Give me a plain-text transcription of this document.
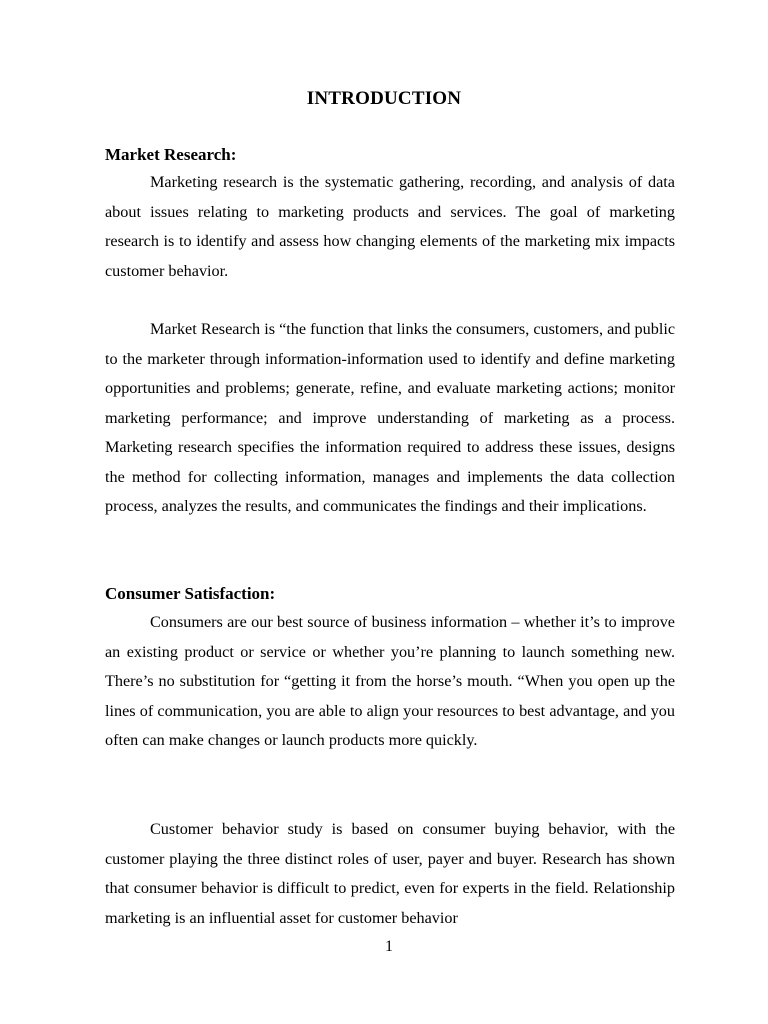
INTRODUCTION
Market Research:

Marketing research is the systematic gathering, recording, and analysis of data about issues relating to marketing products and services. The goal of marketing research is to identify and assess how changing elements of the marketing mix impacts customer behavior.

Market Research is “the function that links the consumers, customers, and public to the marketer through information-information used to identify and define marketing opportunities and problems; generate, refine, and evaluate marketing actions; monitor marketing performance; and improve understanding of marketing as a process. Marketing research specifies the information required to address these issues, designs the method for collecting information, manages and implements the data collection process, analyzes the results, and communicates the findings and their implications.

Consumer Satisfaction:

Consumers are our best source of business information – whether it’s to improve an existing product or service or whether you’re planning to launch something new. There’s no substitution for “getting it from the horse’s mouth. “When you open up the lines of communication, you are able to align your resources to best advantage, and you often can make changes or launch products more quickly.

Customer behavior study is based on consumer buying behavior, with the customer playing the three distinct roles of user, payer and buyer. Research has shown that consumer behavior is difficult to predict, even for experts in the field. Relationship marketing is an influential asset for customer behavior

1
